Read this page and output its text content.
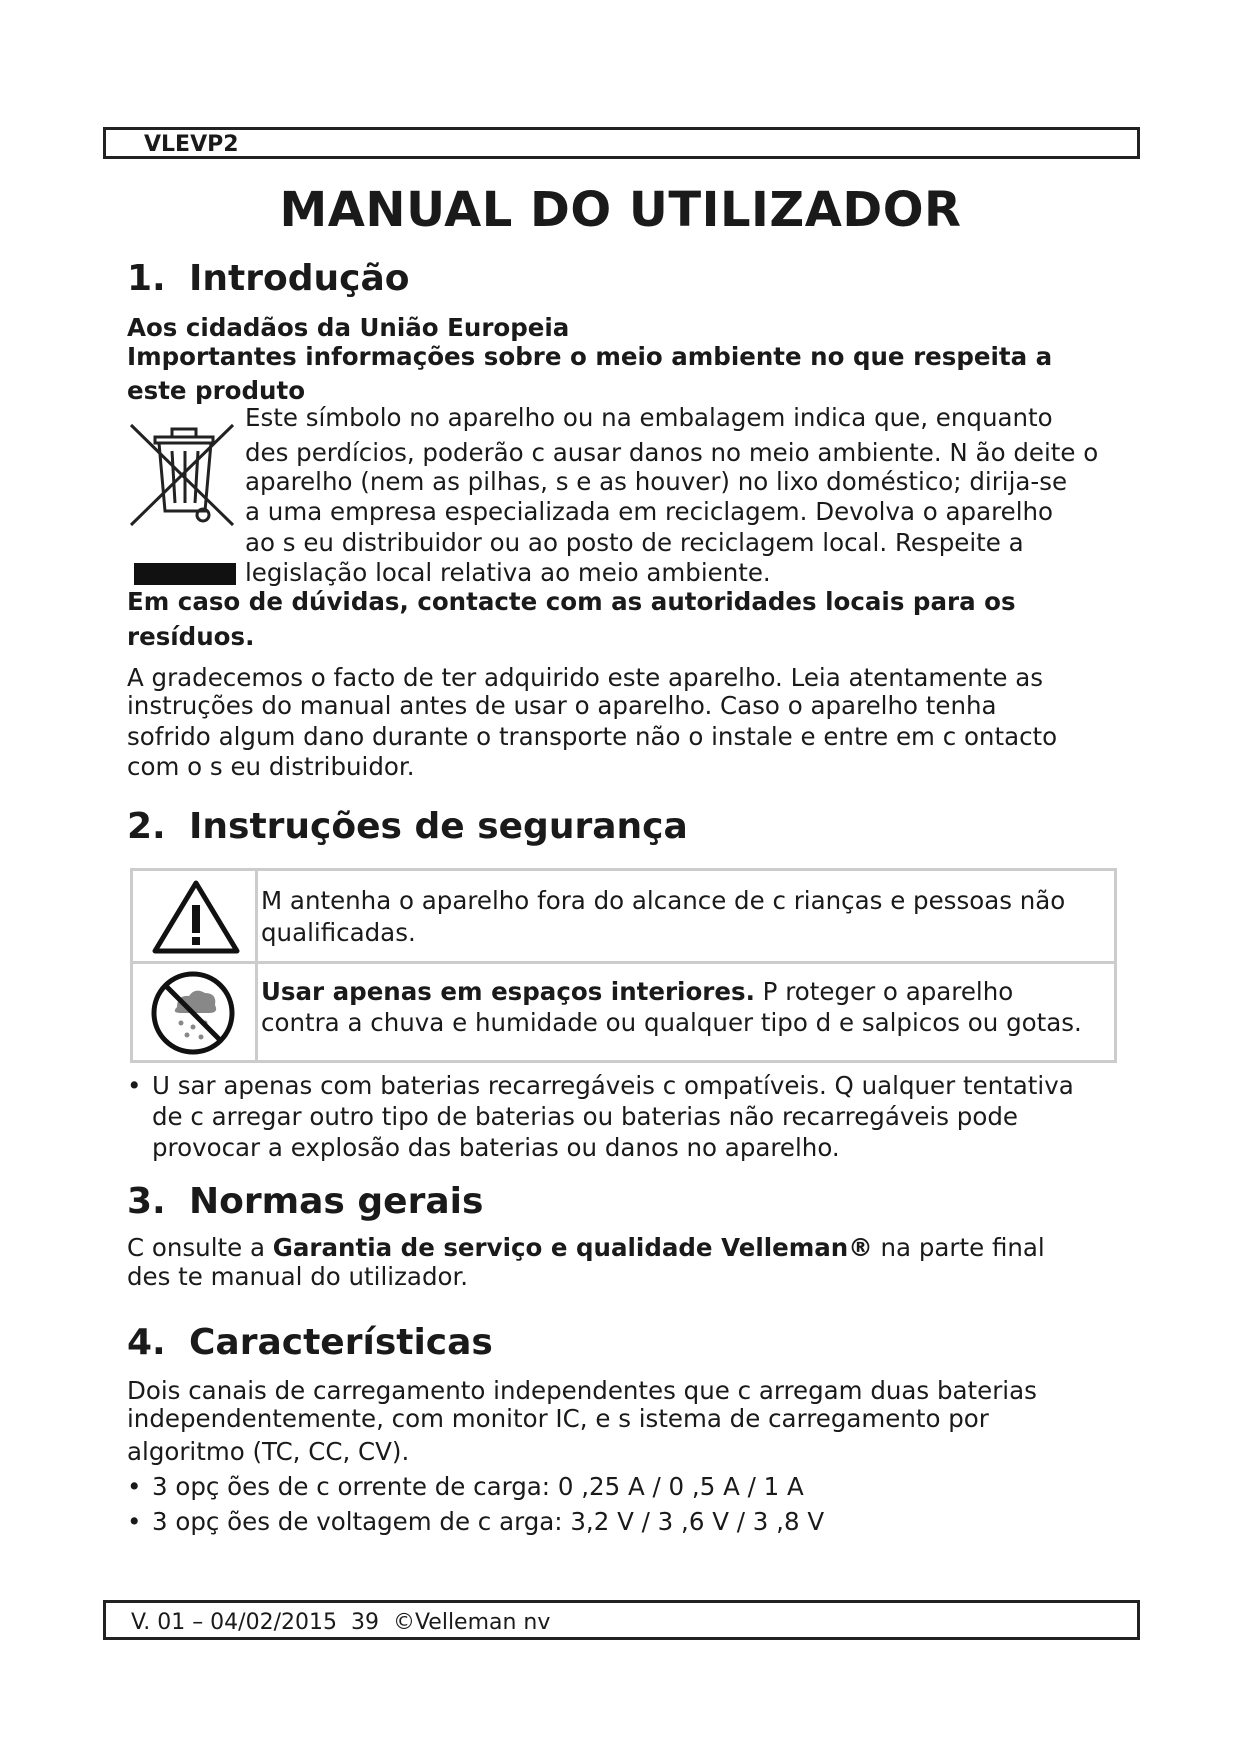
VLEVP2
MANUAL DO UTILIZADOR
1. Introdução
Aos cidadãos da União Europeia
Importantes informações sobre o meio ambiente no que respeita a
este produto
Este símbolo no aparelho ou na embalagem indica que, enquanto
des perdícios, poderão c ausar danos no meio ambiente. N ão deite o
aparelho (nem as pilhas, s e as houver) no lixo doméstico; dirija-se
a uma empresa especializada em reciclagem. Devolva o aparelho
ao s eu distribuidor ou ao posto de reciclagem local. Respeite a
legislação local relativa ao meio ambiente.
Em caso de dúvidas, contacte com as autoridades locais para os
resíduos.
A gradecemos o facto de ter adquirido este aparelho. Leia atentamente as
instruções do manual antes de usar o aparelho. Caso o aparelho tenha
sofrido algum dano durante o transporte não o instale e entre em c ontacto
com o s eu distribuidor.
2. Instruções de segurança
M antenha o aparelho fora do alcance de c rianças e pessoas não
qualificadas.
Usar apenas em espaços interiores. P roteger o aparelho
contra a chuva e humidade ou qualquer tipo d e salpicos ou gotas.
• U sar apenas com baterias recarregáveis c ompatíveis. Q ualquer tentativa
de c arregar outro tipo de baterias ou baterias não recarregáveis pode
provocar a explosão das baterias ou danos no aparelho.
3. Normas gerais
C onsulte a Garantia de serviço e qualidade Velleman® na parte final
des te manual do utilizador.
4. Características
Dois canais de carregamento independentes que c arregam duas baterias
independentemente, com monitor IC, e s istema de carregamento por
algoritmo (TC, CC, CV).
• 3 opç ões de c orrente de carga: 0 ,25 A / 0 ,5 A / 1 A
• 3 opç ões de voltagem de c arga: 3,2 V / 3 ,6 V / 3 ,8 V
V. 01 – 04/02/2015  39  ©Velleman nv
